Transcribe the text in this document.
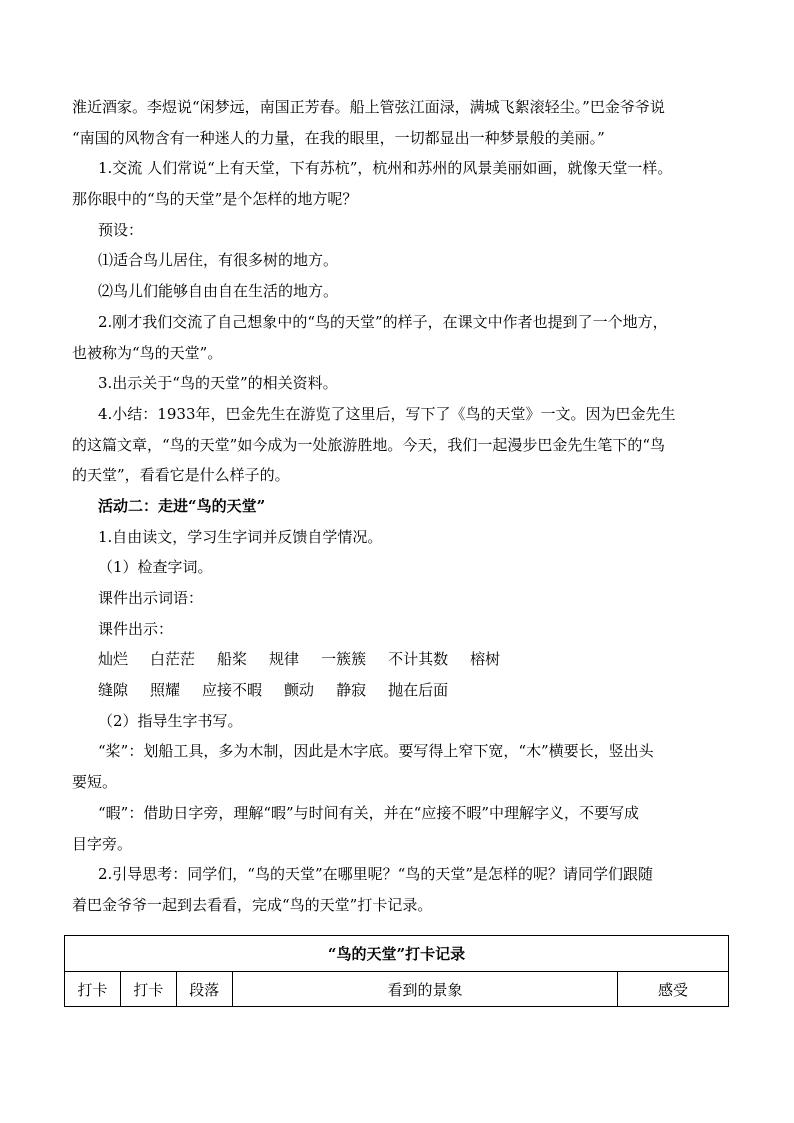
淮近酒家。李煜说“闲梦远，南国正芳春。船上管弦江面渌，满城飞絮滚轻尘。”巴金爷爷说
“南国的风物含有一种迷人的力量，在我的眼里，一切都显出一种梦景般的美丽。”
1.交流 人们常说“上有天堂，下有苏杭”，杭州和苏州的风景美丽如画，就像天堂一样。
那你眼中的“鸟的天堂”是个怎样的地方呢？
预设：
⑴适合鸟儿居住，有很多树的地方。
⑵鸟儿们能够自由自在生活的地方。
2.刚才我们交流了自己想象中的“鸟的天堂”的样子，在课文中作者也提到了一个地方，
也被称为“鸟的天堂”。
3.出示关于“鸟的天堂”的相关资料。
4.小结：1933年，巴金先生在游览了这里后，写下了《鸟的天堂》一文。因为巴金先生
的这篇文章，“鸟的天堂”如今成为一处旅游胜地。今天，我们一起漫步巴金先生笔下的“鸟
的天堂”，看看它是什么样子的。
活动二：走进“鸟的天堂”
1.自由读文，学习生字词并反馈自学情况。
（1）检查字词。
课件出示词语：
课件出示：
灿烂 白茫茫 船桨 规律 一簇簇 不计其数 榕树
缝隙 照耀 应接不暇 颤动 静寂 抛在后面
（2）指导生字书写。
“桨”：划船工具，多为木制，因此是木字底。要写得上窄下宽，“木”横要长，竖出头
要短。
“暇”：借助日字旁，理解“暇”与时间有关，并在“应接不暇”中理解字义，不要写成
目字旁。
2.引导思考：同学们，“鸟的天堂”在哪里呢？“鸟的天堂”是怎样的呢？请同学们跟随
着巴金爷爷一起到去看看，完成“鸟的天堂”打卡记录。
“鸟的天堂”打卡记录
打卡	打卡	段落	看到的景象	感受
